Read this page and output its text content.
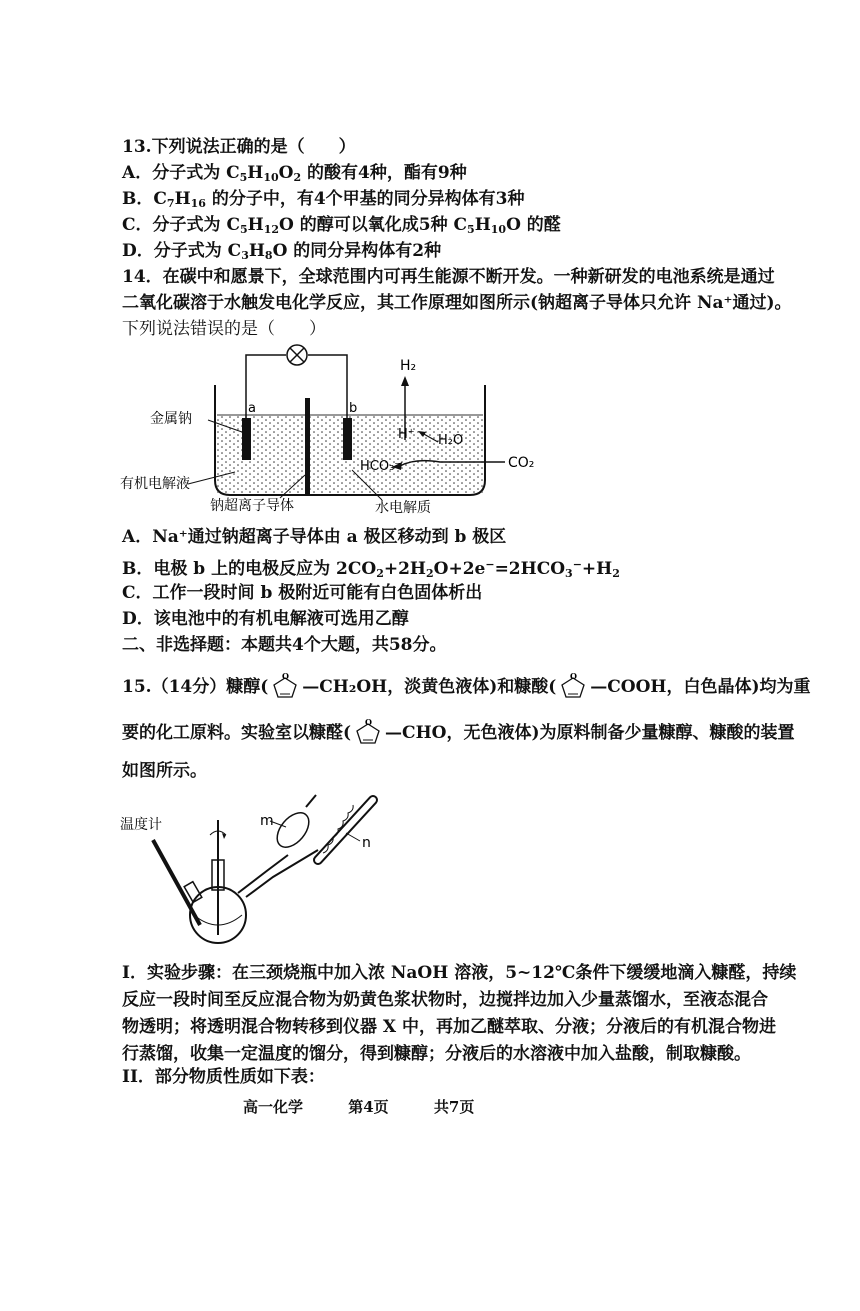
13.下列说法正确的是（　　）
A．分子式为 $C_5H_{10}O_2$ 的酸有4种，酯有9种
B．$C_7H_{16}$ 的分子中，有4个甲基的同分异构体有3种
C．分子式为 $C_5H_{12}O$ 的醇可以氧化成5种 $C_5H_{10}O$ 的醛
D．分子式为 $C_3H_8O$ 的同分异构体有2种
14．在碳中和愿景下，全球范围内可再生能源不断开发。一种新研发的电池系统是通过
二氧化碳溶于水触发电化学反应，其工作原理如图所示(钠超离子导体只允许 Na⁺通过)。
下列说法错误的是（　　）
H₂
a	b
金属钠
H⁺ H₂O
HCO₃⁻	CO₂
有机电解液
钠超离子导体	水电解质
A．Na⁺通过钠超离子导体由 a 极区移动到 b 极区
B．电极 b 上的电极反应为 $2CO_2+2H_2O+2e^-=2HCO_3^-+H_2$
C．工作一段时间 b 极附近可能有白色固体析出
D．该电池中的有机电解液可选用乙醇
二、非选择题：本题共4个大题，共58分。
15.（14分）糠醇(
O
—CH₂OH，淡黄色液体)和糠酸(
O
—COOH，白色晶体)均为重
要的化工原料。实验室以糠醛(
O
—CHO，无色液体)为原料制备少量糠醇、糠酸的装置
如图所示。
温度计	m
n
I．实验步骤：在三颈烧瓶中加入浓 NaOH 溶液，5~12℃条件下缓缓地滴入糠醛，持续
反应一段时间至反应混合物为奶黄色浆状物时，边搅拌边加入少量蒸馏水，至液态混合
物透明；将透明混合物转移到仪器 X 中，再加乙醚萃取、分液；分液后的有机混合物进
行蒸馏，收集一定温度的馏分，得到糠醇；分液后的水溶液中加入盐酸，制取糠酸。
II．部分物质性质如下表：
高一化学	第4页	共7页
